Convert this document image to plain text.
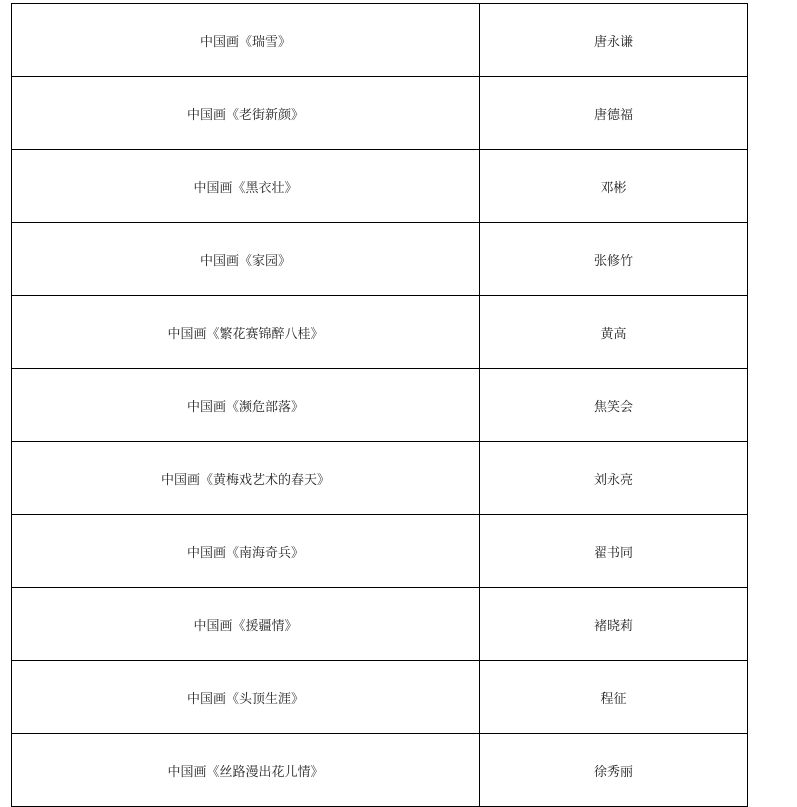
中国画《瑞雪》	唐永谦
中国画《老街新颜》	唐德福
中国画《黑衣壮》	邓彬
中国画《家园》	张修竹
中国画《繁花赛锦醉八桂》	黄高
中国画《濒危部落》	焦笑会
中国画《黄梅戏艺术的春天》	刘永亮
中国画《南海奇兵》	翟书同
中国画《援疆情》	褚晓莉
中国画《头顶生涯》	程征
中国画《丝路漫出花儿情》	徐秀丽
